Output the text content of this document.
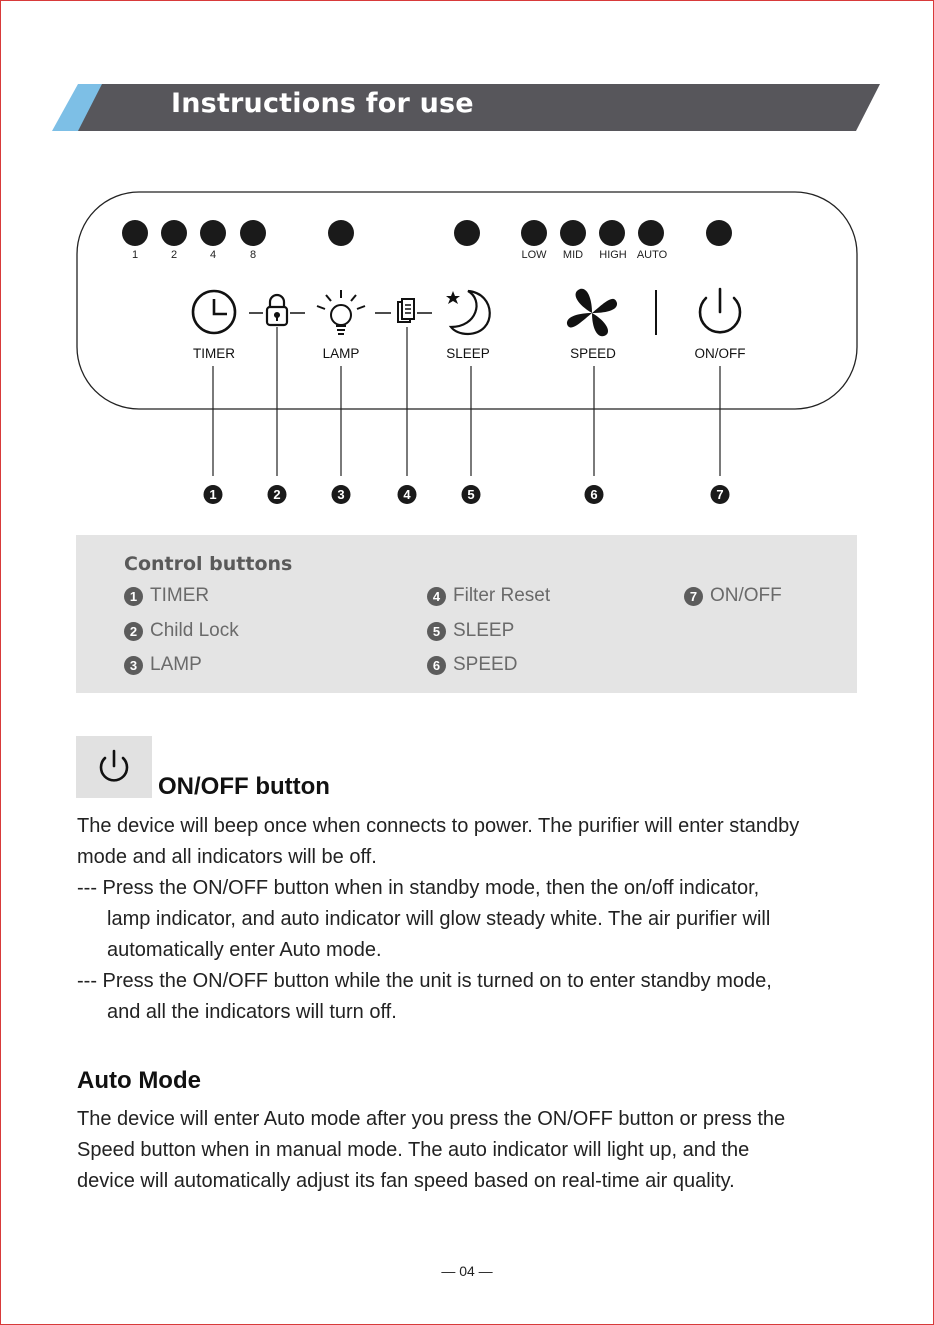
Instructions for use
1	2	4	8	LOW MID HIGH AUTO
TIMER	LAMP	SLEEP	SPEED	ON/OFF
1	2	3	4	5	6	7
Control buttons
1 TIMER
2 Child Lock
3 LAMP
4 Filter Reset
5 SLEEP
6 SPEED
7 ON/OFF
ON/OFF button
The device will beep once when connects to power. The purifier will enter standby
mode and all indicators will be off.
--- Press the ON/OFF button when in standby mode, then the on/off indicator,
lamp indicator, and auto indicator will glow steady white. The air purifier will
automatically enter Auto mode.
--- Press the ON/OFF button while the unit is turned on to enter standby mode,
and all the indicators will turn off.
Auto Mode
The device will enter Auto mode after you press the ON/OFF button or press the
Speed button when in manual mode. The auto indicator will light up, and the
device will automatically adjust its fan speed based on real-time air quality.
— 04 —
